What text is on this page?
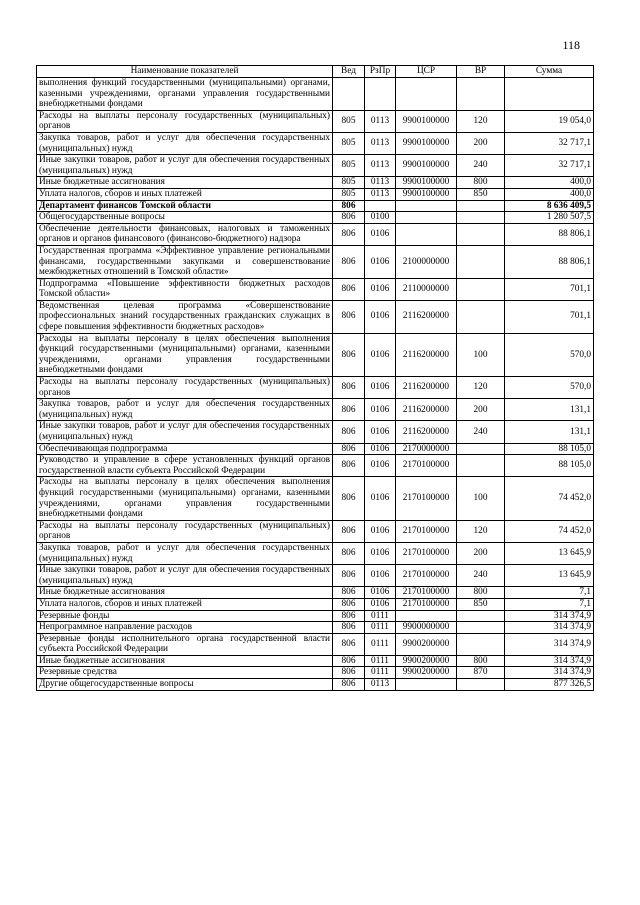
118
Наименование показателей	Вед	РзПр	ЦСР	ВР	Сумма
выполнения функций государственными (муниципальными) органами, казенными учреждениями, органами управления государственными внебюджетными фондами					
Расходы на выплаты персоналу государственных (муниципальных) органов	805	0113	9900100000	120	19 054,0
Закупка товаров, работ и услуг для обеспечения государственных (муниципальных) нужд	805	0113	9900100000	200	32 717,1
Иные закупки товаров, работ и услуг для обеспечения государственных (муниципальных) нужд	805	0113	9900100000	240	32 717,1
Иные бюджетные ассигнования	805	0113	9900100000	800	400,0
Уплата налогов, сборов и иных платежей	805	0113	9900100000	850	400,0
Департамент финансов Томской области	806				8 636 409,5
Общегосударственные вопросы	806	0100			1 280 507,5
Обеспечение деятельности финансовых, налоговых и таможенных органов и органов финансового (финансово-бюджетного) надзора	806	0106			88 806,1
Государственная программа «Эффективное управление региональными финансами, государственными закупками и совершенствование межбюджетных отношений в Томской области»	806	0106	2100000000		88 806,1
Подпрограмма «Повышение эффективности бюджетных расходов Томской области»	806	0106	2110000000		701,1
Ведомственная целевая программа «Совершенствование профессиональных знаний государственных гражданских служащих в сфере повышения эффективности бюджетных расходов»	806	0106	2116200000		701,1
Расходы на выплаты персоналу в целях обеспечения выполнения функций государственными (муниципальными) органами, казенными учреждениями, органами управления государственными внебюджетными фондами	806	0106	2116200000	100	570,0
Расходы на выплаты персоналу государственных (муниципальных) органов	806	0106	2116200000	120	570,0
Закупка товаров, работ и услуг для обеспечения государственных (муниципальных) нужд	806	0106	2116200000	200	131,1
Иные закупки товаров, работ и услуг для обеспечения государственных (муниципальных) нужд	806	0106	2116200000	240	131,1
Обеспечивающая подпрограмма	806	0106	2170000000		88 105,0
Руководство и управление в сфере установленных функций органов государственной власти субъекта Российской Федерации	806	0106	2170100000		88 105,0
Расходы на выплаты персоналу в целях обеспечения выполнения функций государственными (муниципальными) органами, казенными учреждениями, органами управления государственными внебюджетными фондами	806	0106	2170100000	100	74 452,0
Расходы на выплаты персоналу государственных (муниципальных) органов	806	0106	2170100000	120	74 452,0
Закупка товаров, работ и услуг для обеспечения государственных (муниципальных) нужд	806	0106	2170100000	200	13 645,9
Иные закупки товаров, работ и услуг для обеспечения государственных (муниципальных) нужд	806	0106	2170100000	240	13 645,9
Иные бюджетные ассигнования	806	0106	2170100000	800	7,1
Уплата налогов, сборов и иных платежей	806	0106	2170100000	850	7,1
Резервные фонды	806	0111			314 374,9
Непрограммное направление расходов	806	0111	9900000000		314 374,9
Резервные фонды исполнительного органа государственной власти субъекта Российской Федерации	806	0111	9900200000		314 374,9
Иные бюджетные ассигнования	806	0111	9900200000	800	314 374,9
Резервные средства	806	0111	9900200000	870	314 374,9
Другие общегосударственные вопросы	806	0113			877 326,5
